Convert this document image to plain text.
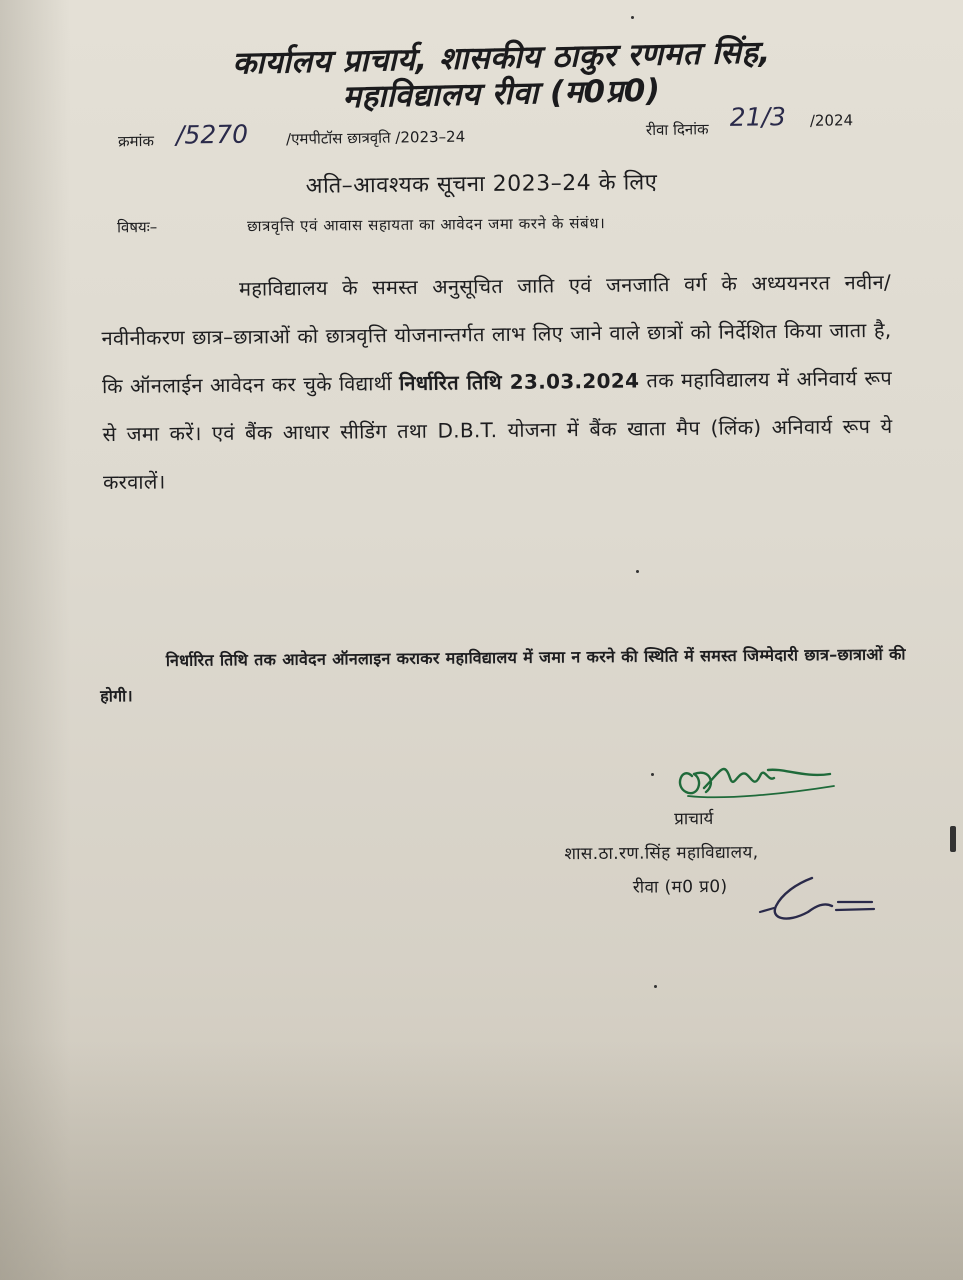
कार्यालय प्राचार्य, शासकीय ठाकुर रणमत सिंह,
महाविद्यालय रीवा (म0प्र0)
क्रमांक /5270	/एमपीटॉस छात्रवृति /2023–24	रीवा दिनांक 21/3 /2024
अति–आवश्यक सूचना 2023–24 के लिए
विषयः–	छात्रवृत्ति एवं आवास सहायता का आवेदन जमा करने के संबंध।
महाविद्यालय के समस्त अनुसूचित जाति एवं जनजाति वर्ग के अध्ययनरत नवीन/नवीनीकरण छात्र–छात्राओं को छात्रवृत्ति योजनान्तर्गत लाभ लिए जाने वाले छात्रों को निर्देशित किया जाता है, कि ऑनलाईन आवेदन कर चुके विद्यार्थी निर्धारित तिथि 23.03.2024 तक महाविद्यालय में अनिवार्य रूप से जमा करें। एवं बैंक आधार सीडिंग तथा D.B.T. योजना में बैंक खाता मैप (लिंक) अनिवार्य रूप ये करवालें।
निर्धारित तिथि तक आवेदन ऑनलाइन कराकर महाविद्यालय में जमा न करने की स्थिति में समस्त जिम्मेदारी छात्र–छात्राओं की होगी।
प्राचार्य
शास.ठा.रण.सिंह महाविद्यालय,
रीवा (म0 प्र0)
